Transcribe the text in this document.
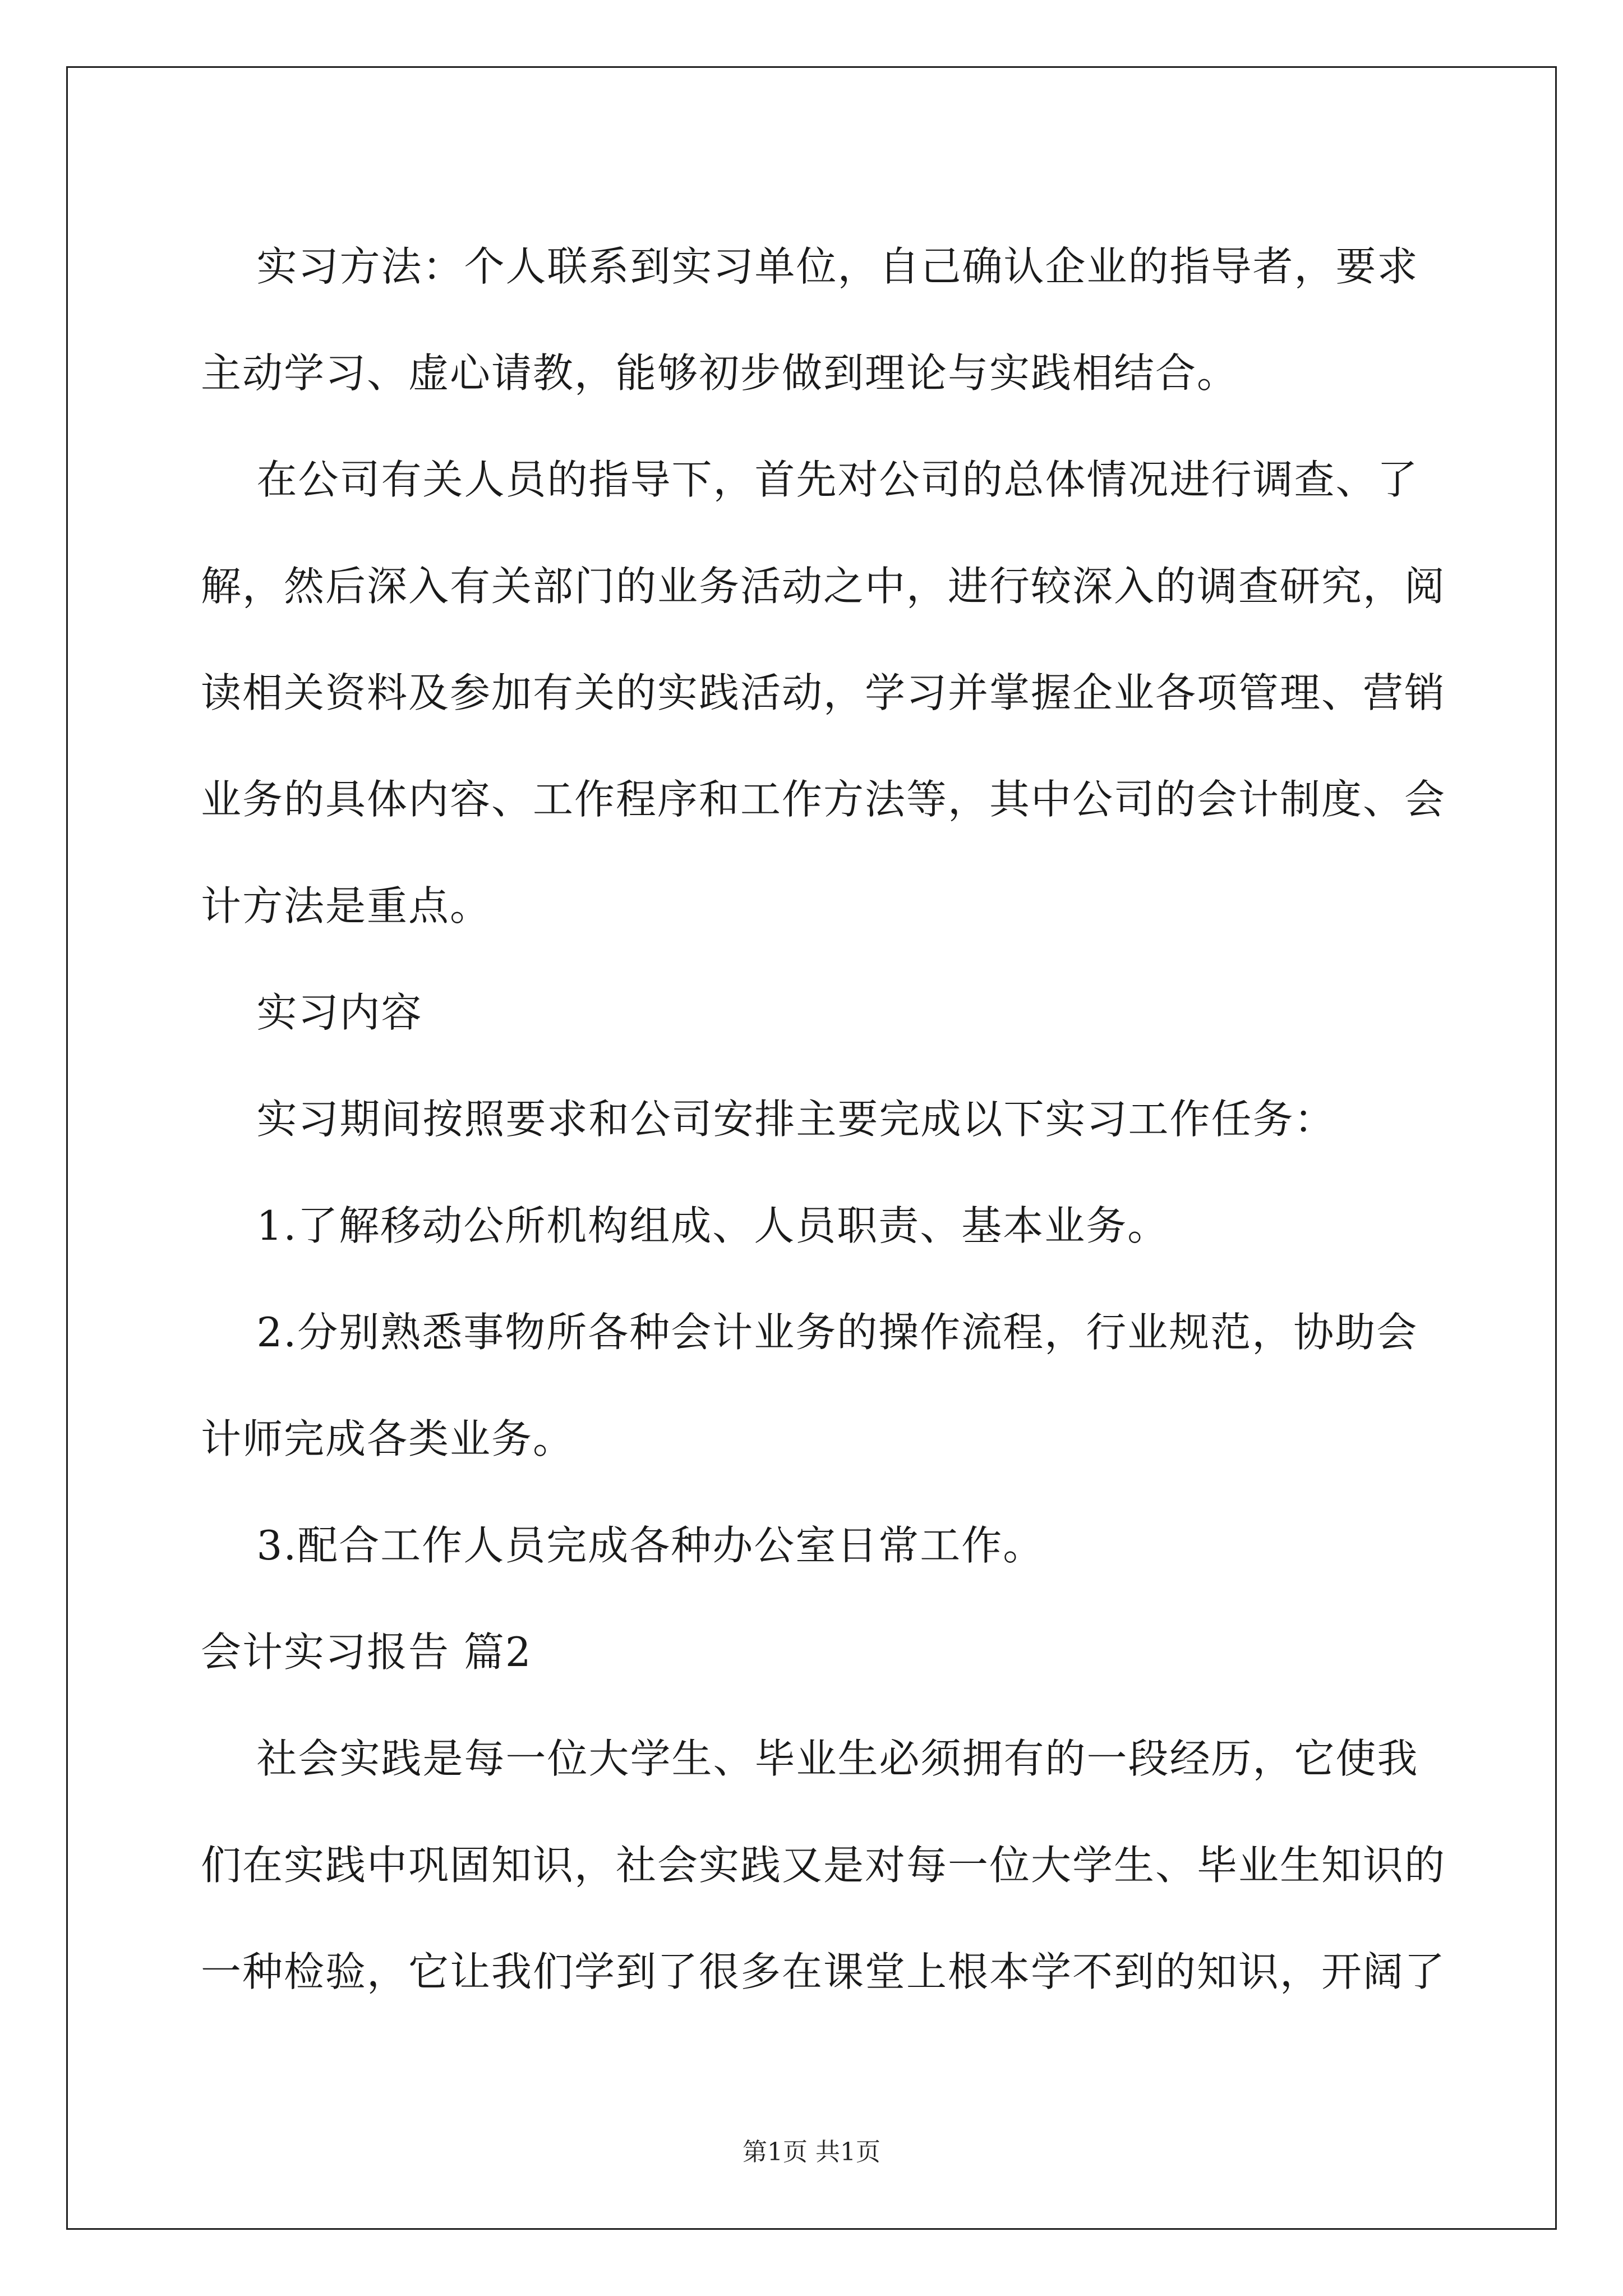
实习方法：个人联系到实习单位，自己确认企业的指导者，要求

主动学习、虚心请教，能够初步做到理论与实践相结合。

在公司有关人员的指导下，首先对公司的总体情况进行调查、了

解，然后深入有关部门的业务活动之中，进行较深入的调查研究，阅

读相关资料及参加有关的实践活动，学习并掌握企业各项管理、营销

业务的具体内容、工作程序和工作方法等，其中公司的会计制度、会

计方法是重点。

实习内容

实习期间按照要求和公司安排主要完成以下实习工作任务：

1.了解移动公所机构组成、人员职责、基本业务。

2.分别熟悉事物所各种会计业务的操作流程，行业规范，协助会

计师完成各类业务。

3.配合工作人员完成各种办公室日常工作。

会计实习报告 篇2

社会实践是每一位大学生、毕业生必须拥有的一段经历，它使我

们在实践中巩固知识，社会实践又是对每一位大学生、毕业生知识的

一种检验，它让我们学到了很多在课堂上根本学不到的知识，开阔了

第1页 共1页
